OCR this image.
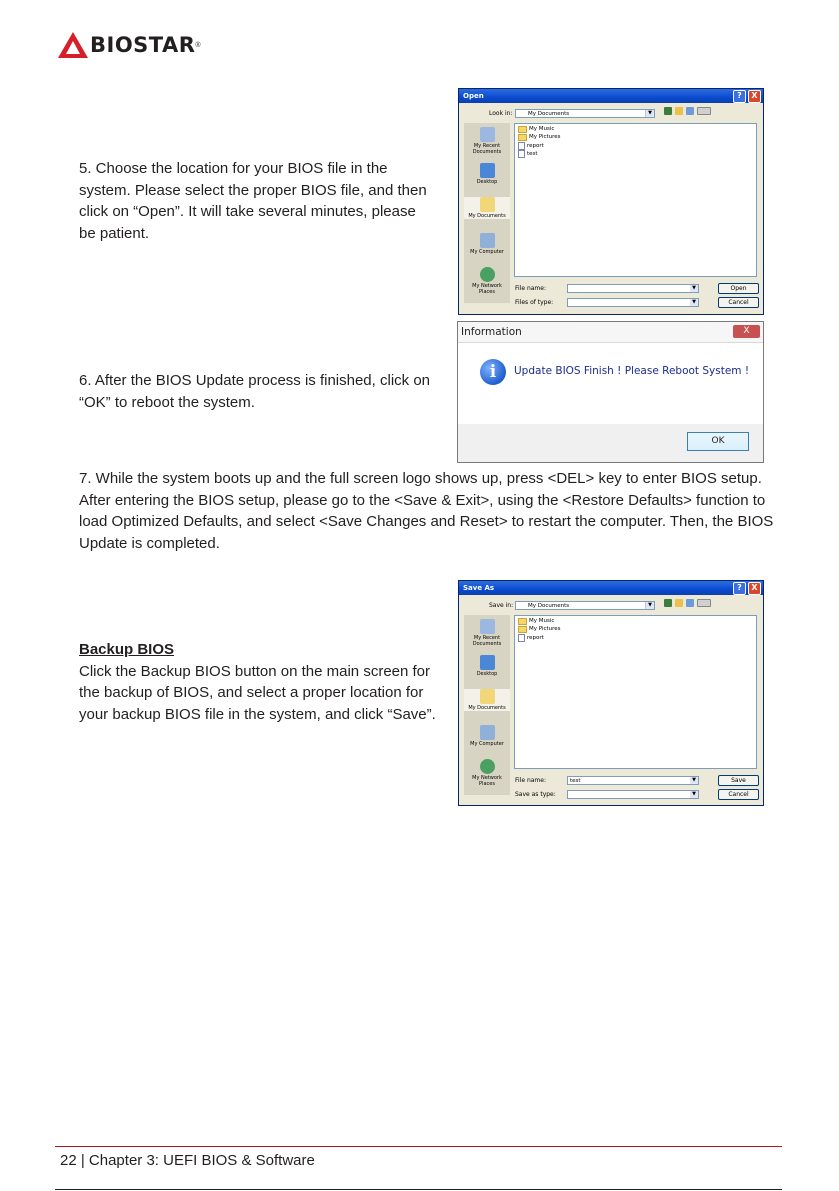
BIOSTAR ®
5. Choose the location for your BIOS file in the system. Please select the proper BIOS file, and then click on “Open”. It will take several minutes, please be patient.
Open	?	X
Look in:	My Documents	▼
My Recent Documents
Desktop
My Documents
My Computer
My Network Places
My Music
My Pictures
report
test
File name:	▼
Files of type:	▼
Open
Cancel
6. After the BIOS Update process is finished, click on “OK” to reboot the system.
Information	X
i	Update BIOS Finish ! Please Reboot System !
OK
7. While the system boots up and the full screen logo shows up, press <DEL> key to enter BIOS setup.
After entering the BIOS setup, please go to the <Save & Exit>, using the <Restore Defaults> function to load Optimized Defaults, and select <Save Changes and Reset> to restart the computer. Then, the BIOS Update is completed.
Backup BIOS
Click the Backup BIOS button on the main screen for the backup of BIOS, and select a proper location for your backup BIOS file in the system, and click “Save”.
Save As	?	X
Save in:	My Documents	▼
My Recent Documents
Desktop
My Documents
My Computer
My Network Places
My Music
My Pictures
report
File name:	test	▼
Save as type:	▼
Save
Cancel
22 | Chapter 3: UEFI BIOS & Software
